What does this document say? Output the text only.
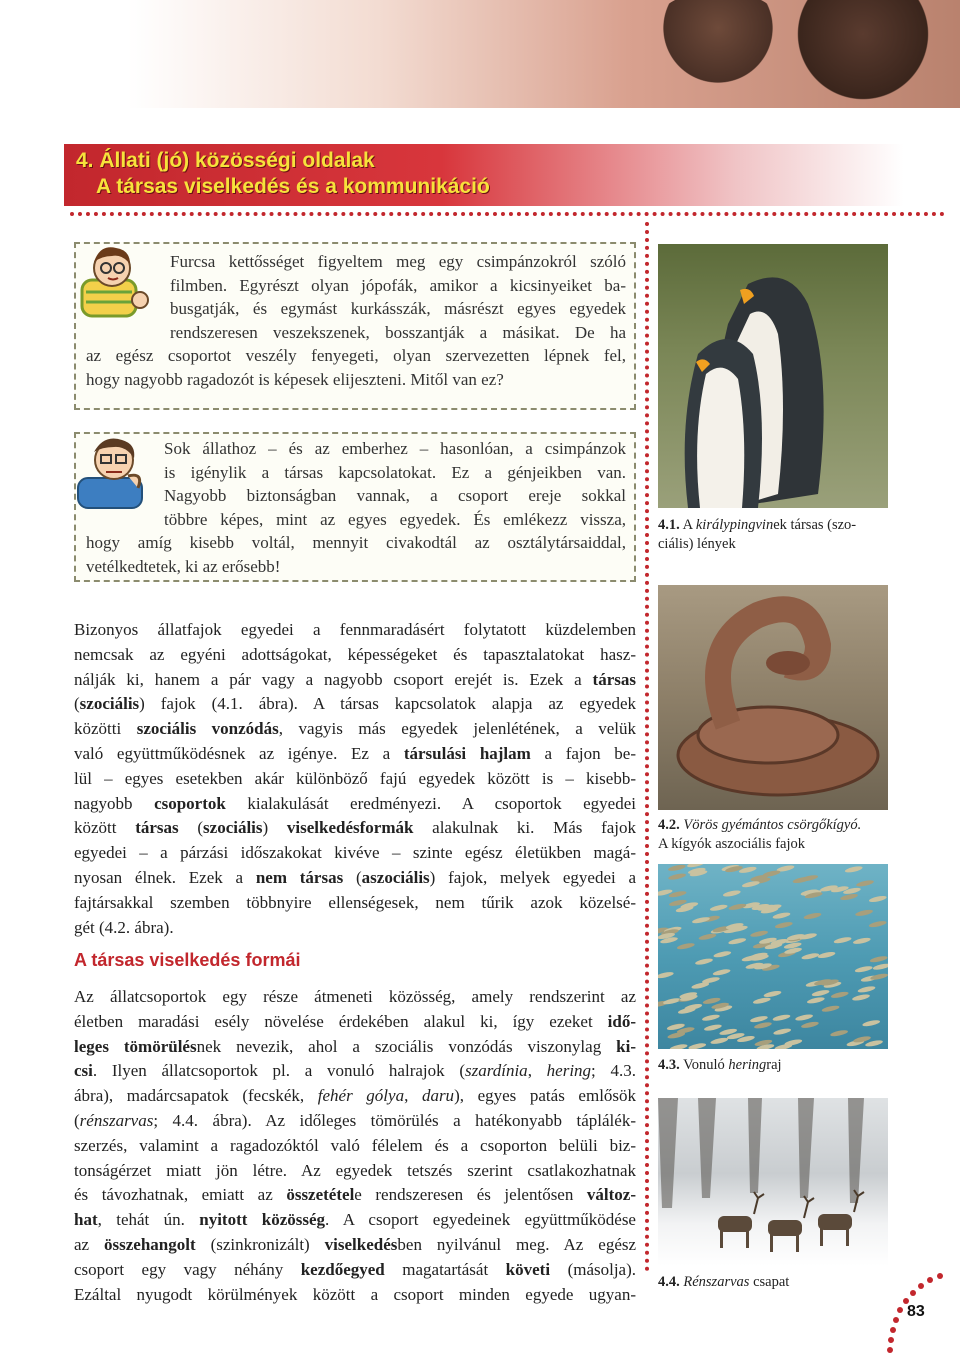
4. Állati (jó) közösségi oldalak
A társas viselkedés és a kommunikáció
Furcsa kettősséget figyeltem meg egy csimpánzokról szóló
filmben. Egyrészt olyan jópofák, amikor a kicsinyeiket ba-
busgatják, és egymást kurkásszák, másrészt egyes egyedek
rendszeresen veszekszenek, bosszantják a másikat. De ha
az egész csoportot veszély fenyegeti, olyan szervezetten lépnek fel,
hogy nagyobb ragadozót is képesek elijeszteni. Mitől van ez?
Sok állathoz – és az emberhez – hasonlóan, a csimpánzok
is igénylik a társas kapcsolatokat. Ez a génjeikben van.
Nagyobb biztonságban vannak, a csoport ereje sokkal
többre képes, mint az egyes egyedek. És emlékezz vissza,
hogy amíg kisebb voltál, mennyit civakodtál az osztálytársaiddal,
vetélkedtetek, ki az erősebb!
Bizonyos állatfajok egyedei a fennmaradásért folytatott küzdelemben
nemcsak az egyéni adottságokat, képességeket és tapasztalatokat hasz-
nálják ki, hanem a pár vagy a nagyobb csoport erejét is. Ezek a társas
(szociális) fajok (4.1. ábra). A társas kapcsolatok alapja az egyedek
közötti szociális vonzódás, vagyis más egyedek jelenlétének, a velük
való együttműködésnek az igénye. Ez a társulási hajlam a fajon be-
lül – egyes esetekben akár különböző fajú egyedek között is – kisebb-
nagyobb csoportok kialakulását eredményezi. A csoportok egyedei
között társas (szociális) viselkedésformák alakulnak ki. Más fajok
egyedei – a párzási időszakokat kivéve – szinte egész életükben magá-
nyosan élnek. Ezek a nem társas (aszociális) fajok, melyek egyedei a
fajtársakkal szemben többnyire ellenségesek, nem tűrik azok közelsé-
gét (4.2. ábra).
A társas viselkedés formái
Az állatcsoportok egy része átmeneti közösség, amely rendszerint az
életben maradási esély növelése érdekében alakul ki, így ezeket idő-
leges tömörülésnek nevezik, ahol a szociális vonzódás viszonylag ki-
csi. Ilyen állatcsoportok pl. a vonuló halrajok (szardínia, hering; 4.3.
ábra), madárcsapatok (fecskék, fehér gólya, daru), egyes patás emlősök
(rénszarvas; 4.4. ábra). Az időleges tömörülés a hatékonyabb táplálék-
szerzés, valamint a ragadozóktól való félelem és a csoporton belüli biz-
tonságérzet miatt jön létre. Az egyedek tetszés szerint csatlakozhatnak
és távozhatnak, emiatt az összetétele rendszeresen és jelentősen változ-
hat, tehát ún. nyitott közösség. A csoport egyedeinek együttműködése
az összehangolt (szinkronizált) viselkedésben nyilvánul meg. Az egész
csoport egy vagy néhány kezdőegyed magatartását követi (másolja).
Ezáltal nyugodt körülmények között a csoport minden egyede ugyan-
4.1. A királypingvinek társas (szo-
ciális) lények
4.2. Vörös gyémántos csörgőkígyó.
A kígyók aszociális fajok
4.3. Vonuló heringraj
4.4. Rénszarvas csapat
83
